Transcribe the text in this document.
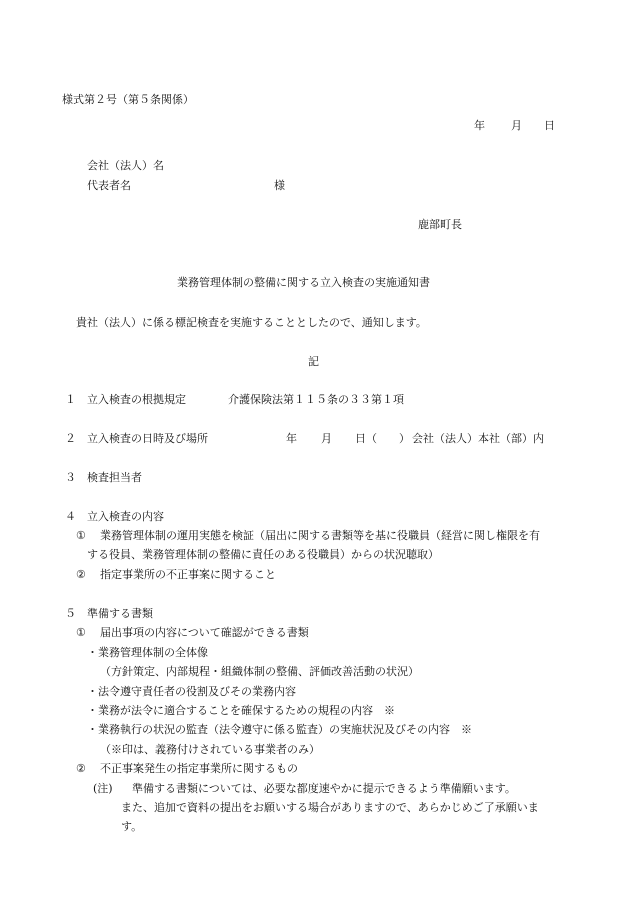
様式第２号（第５条関係）
年 月 日
会社（法人）名
代表者名	様
鹿部町長
業務管理体制の整備に関する立入検査の実施通知書
貴社（法人）に係る標記検査を実施することとしたので、通知します。
記
１ 立入検査の根拠規定	介護保険法第１１５条の３３第１項
２ 立入検査の日時及び場所	年 月 日（　　） 会社（法人）本社（部）内
３ 検査担当者
４ 立入検査の内容
① 業務管理体制の運用実態を検証（届出に関する書類等を基に役職員（経営に関し権限を有
する役員、業務管理体制の整備に責任のある役職員）からの状況聴取）
② 指定事業所の不正事案に関すること
５ 準備する書類
① 届出事項の内容について確認ができる書類
・業務管理体制の全体像
（方針策定、内部規程・組織体制の整備、評価改善活動の状況）
・法令遵守責任者の役割及びその業務内容
・業務が法令に適合することを確保するための規程の内容　※
・業務執行の状況の監査（法令遵守に係る監査）の実施状況及びその内容　※
（※印は、義務付けされている事業者のみ）
② 不正事案発生の指定事業所に関するもの
(注) 準備する書類については、必要な都度速やかに提示できるよう準備願います。
また、追加で資料の提出をお願いする場合がありますので、あらかじめご了承願いま
す。
